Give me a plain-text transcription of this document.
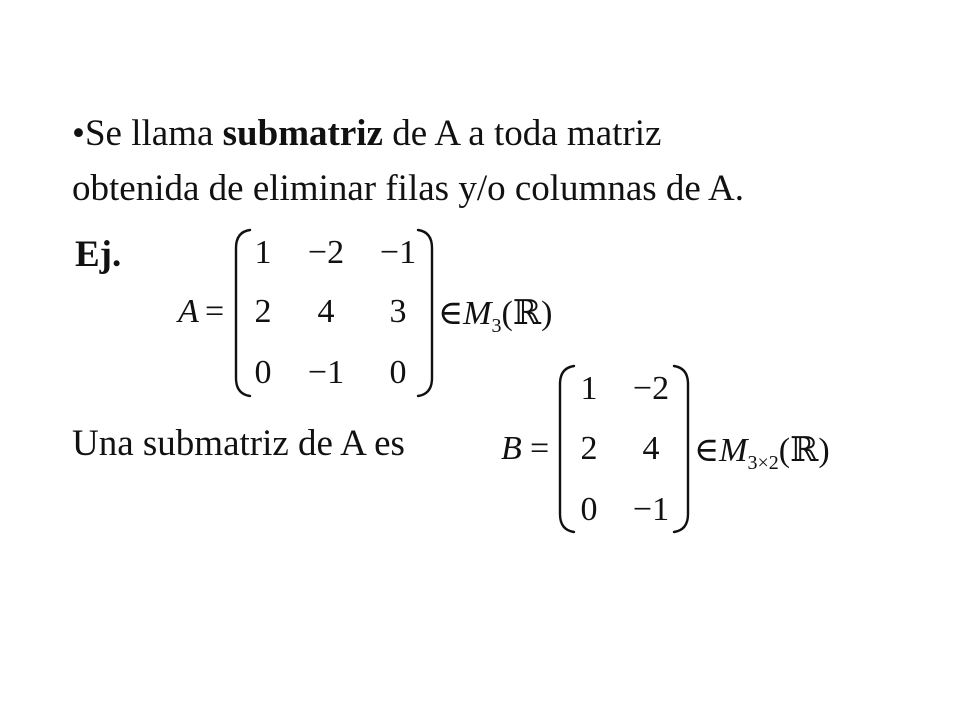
•Se llama submatriz de A a toda matriz
obtenida de eliminar filas y/o columnas de A.
Ej.
A =
1	−2	−1
2	4	3
0	−1	0
$\in M_3(ℝ)$
Una submatriz de A es	B =
1	−2
2	4
0	−1
$\in M_{3\times 2}(ℝ)$
